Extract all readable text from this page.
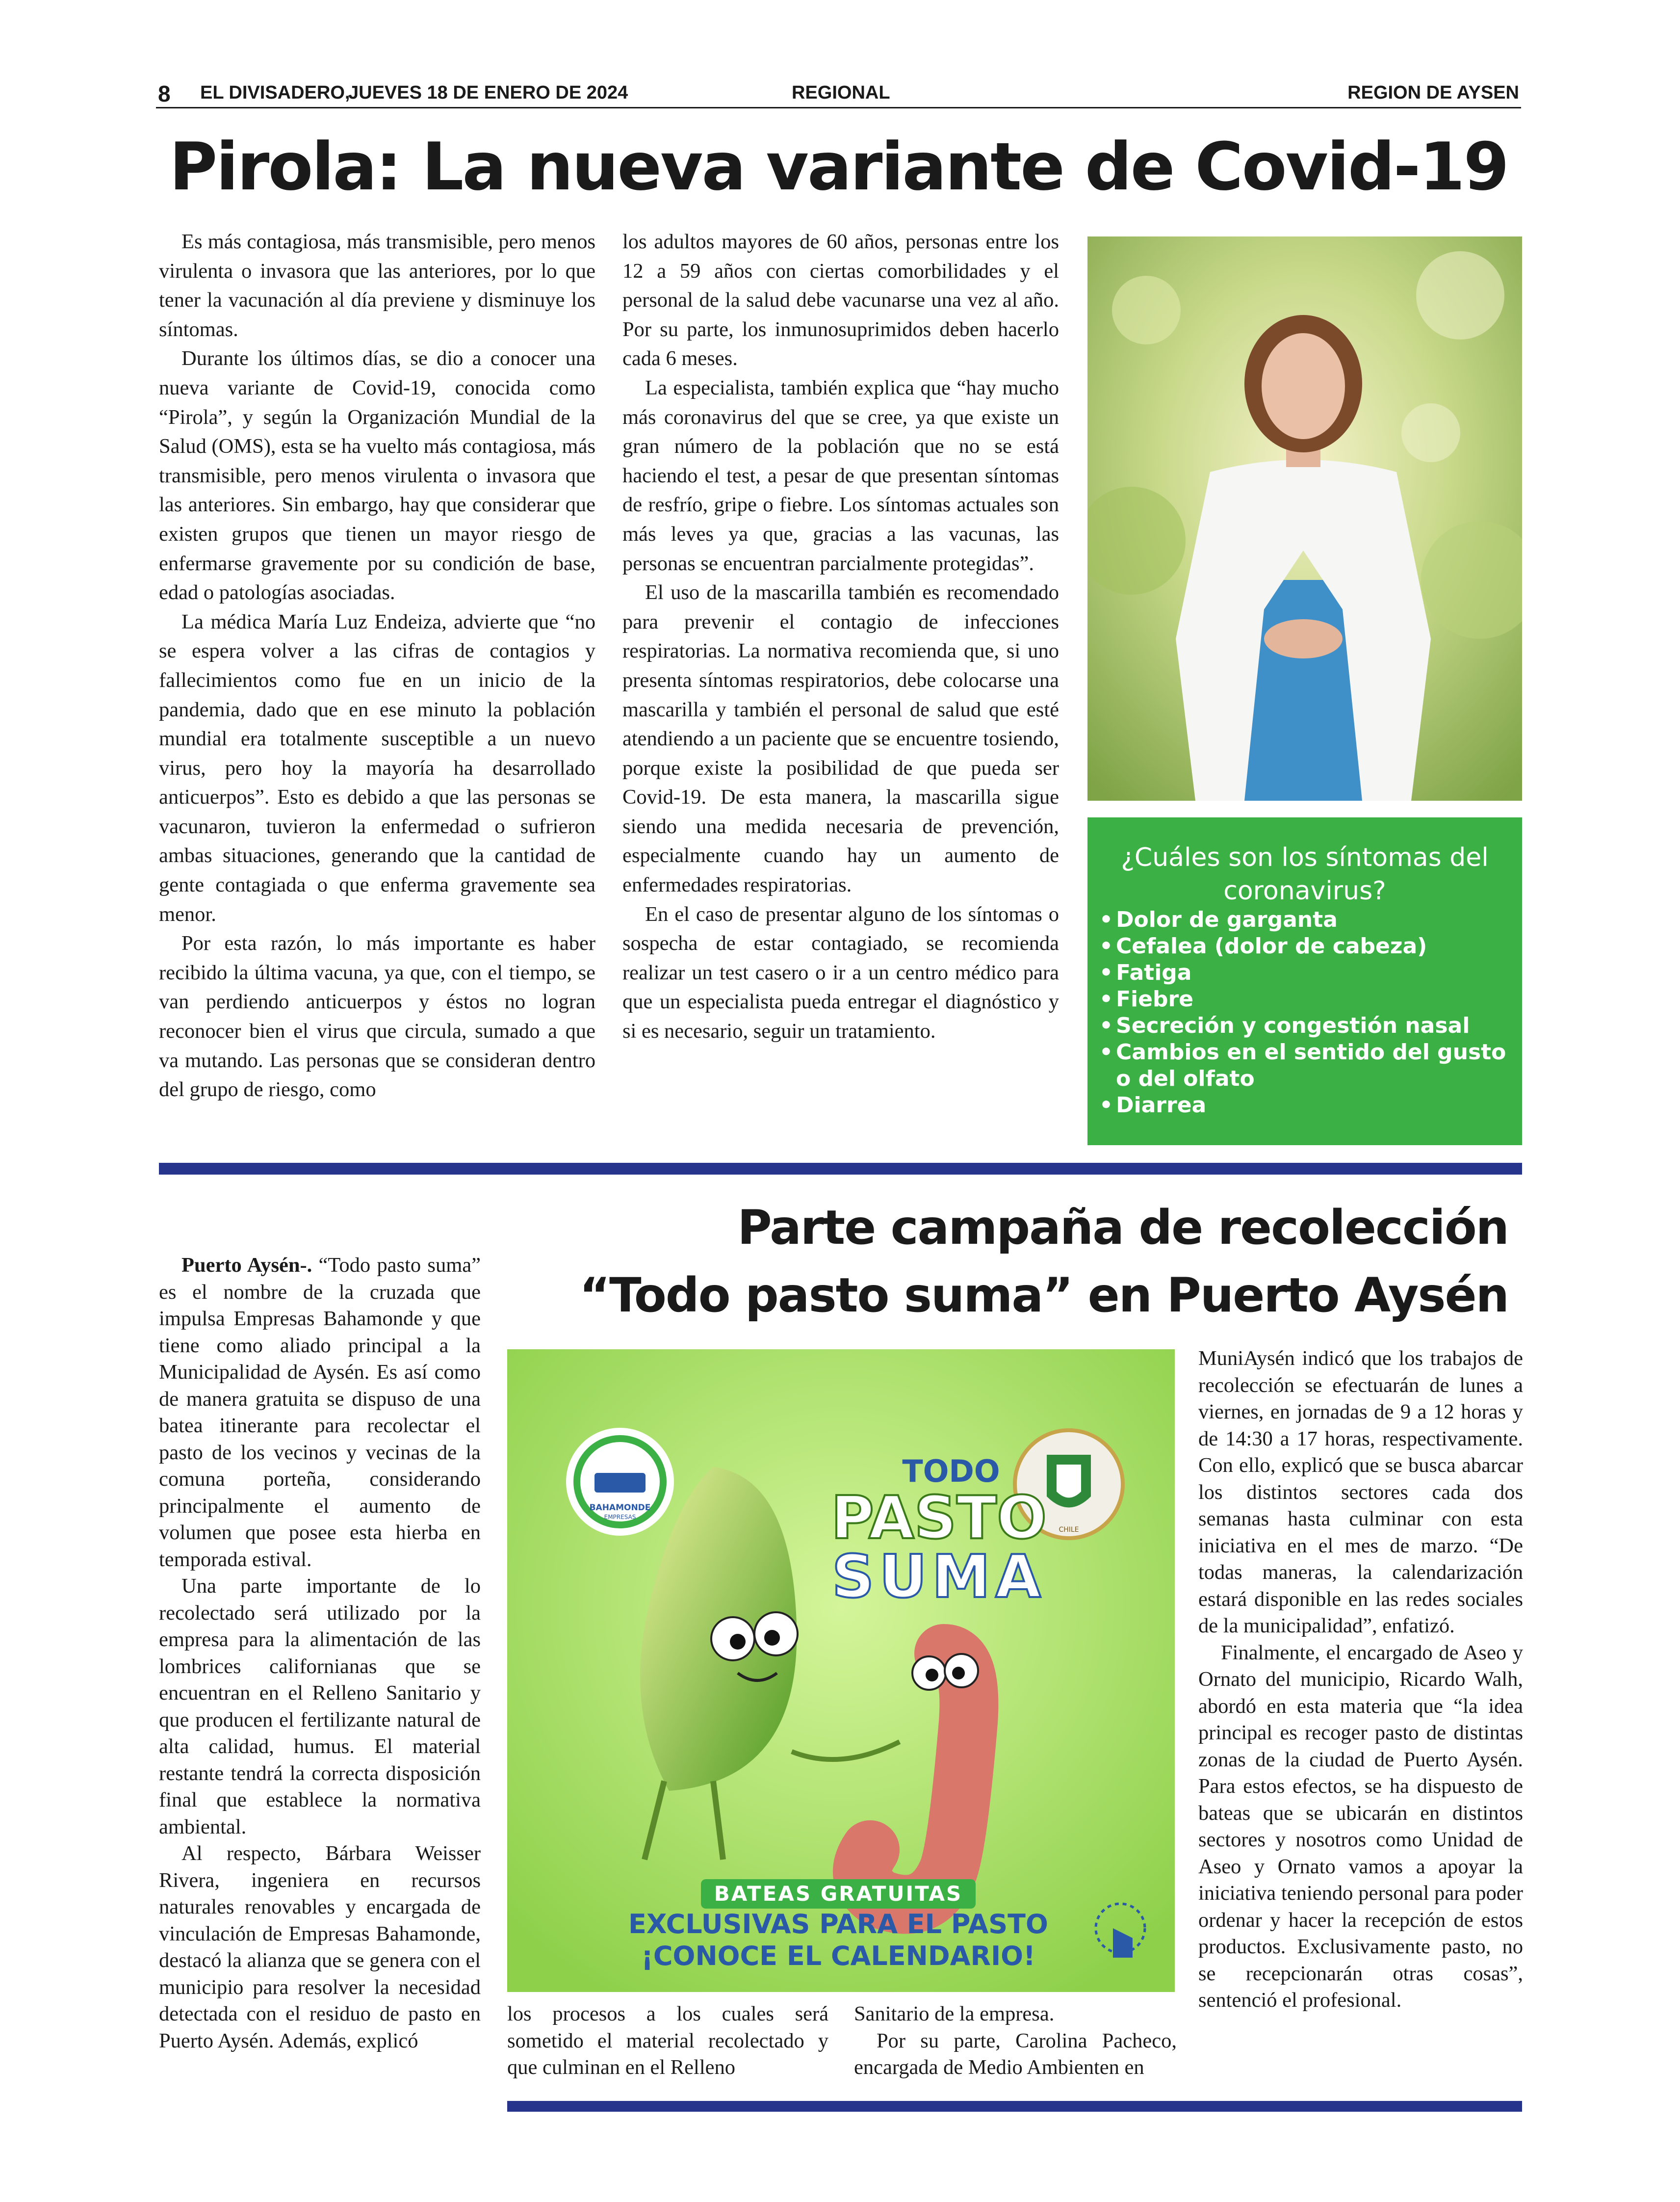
8 EL DIVISADERO,
JUEVES 18 DE ENERO DE 2024	REGIONAL	REGION DE AYSEN
Pirola: La nueva variante de Covid-19

Es más contagiosa, más transmisible, pero menos virulenta o invasora que las anteriores, por lo que tener la vacunación al día previene y disminuye los síntomas.

Durante los últimos días, se dio a conocer una nueva variante de Covid-19, conocida como “Pirola”, y según la Organización Mundial de la Salud (OMS), esta se ha vuelto más contagiosa, más transmisible, pero menos virulenta o invasora que las anteriores. Sin embargo, hay que considerar que existen grupos que tienen un mayor riesgo de enfermarse gravemente por su condición de base, edad o patologías asociadas.

La médica María Luz Endeiza, advierte que “no se espera volver a las cifras de contagios y fallecimientos como fue en un inicio de la pandemia, dado que en ese minuto la población mundial era totalmente susceptible a un nuevo virus, pero hoy la mayoría ha desarrollado anticuerpos”. Esto es debido a que las personas se vacunaron, tuvieron la enfermedad o sufrieron ambas situaciones, generando que la cantidad de gente contagiada o que enferma gravemente sea menor.

Por esta razón, lo más importante es haber recibido la última vacuna, ya que, con el tiempo, se van perdiendo anticuerpos y éstos no logran reconocer bien el virus que circula, sumado a que va mutando. Las personas que se consideran dentro del grupo de riesgo, como

los adultos mayores de 60 años, personas entre los 12 a 59 años con ciertas comorbilidades y el personal de la salud debe vacunarse una vez al año. Por su parte, los inmunosuprimidos deben hacerlo cada 6 meses.

La especialista, también explica que “hay mucho más coronavirus del que se cree, ya que existe un gran número de la población que no se está haciendo el test, a pesar de que presentan síntomas de resfrío, gripe o fiebre. Los síntomas actuales son más leves ya que, gracias a las vacunas, las personas se encuentran parcialmente protegidas”.

El uso de la mascarilla también es recomendado para prevenir el contagio de infecciones respiratorias. La normativa recomienda que, si uno presenta síntomas respiratorios, debe colocarse una mascarilla y también el personal de salud que esté atendiendo a un paciente que se encuentre tosiendo, porque existe la posibilidad de que pueda ser Covid-19. De esta manera, la mascarilla sigue siendo una medida necesaria de prevención, especialmente cuando hay un aumento de enfermedades respiratorias.

En el caso de presentar alguno de los síntomas o sospecha de estar contagiado, se recomienda realizar un test casero o ir a un centro médico para que un especialista pueda entregar el diagnóstico y si es necesario, seguir un tratamiento.

¿Cuáles son los síntomas del coronavirus?
• Dolor de garganta
• Cefalea (dolor de cabeza)
• Fatiga
• Fiebre
• Secreción y congestión nasal
• Cambios en el sentido del gusto o del olfato
• Diarrea
Parte campaña de recolección
“Todo pasto suma” en Puerto Aysén

Puerto Aysén-. “Todo pasto suma” es el nombre de la cruzada que impulsa Empresas Bahamonde y que tiene como aliado principal a la Municipalidad de Aysén. Es así como de manera gratuita se dispuso de una batea itinerante para recolectar el pasto de los vecinos y vecinas de la comuna porteña, considerando principalmente el aumento de volumen que posee esta hierba en temporada estival.

Una parte importante de lo recolectado será utilizado por la empresa para la alimentación de las lombrices californianas que se encuentran en el Relleno Sanitario y que producen el fertilizante natural de alta calidad, humus. El material restante tendrá la correcta disposición final que establece la normativa ambiental.

Al respecto, Bárbara Weisser Rivera, ingeniera en recursos naturales renovables y encargada de vinculación de Empresas Bahamonde, destacó la alianza que se genera con el municipio para resolver la necesidad detectada con el residuo de pasto en Puerto Aysén. Además, explicó

BAHAMONDE
EMPRESAS
CHILE
TODO
PASTO
SUMA
BATEAS GRATUITAS
EXCLUSIVAS PARA EL PASTO
¡CONOCE EL CALENDARIO!

los procesos a los cuales será sometido el material recolectado y que culminan en el Relleno

Sanitario de la empresa.

Por su parte, Carolina Pacheco, encargada de Medio Ambienten en

MuniAysén indicó que los trabajos de recolección se efectuarán de lunes a viernes, en jornadas de 9 a 12 horas y de 14:30 a 17 horas, respectivamente. Con ello, explicó que se busca abarcar los distintos sectores cada dos semanas hasta culminar con esta iniciativa en el mes de marzo. “De todas maneras, la calendarización estará disponible en las redes sociales de la municipalidad”, enfatizó.

Finalmente, el encargado de Aseo y Ornato del municipio, Ricardo Walh, abordó en esta materia que “la idea principal es recoger pasto de distintas zonas de la ciudad de Puerto Aysén. Para estos efectos, se ha dispuesto de bateas que se ubicarán en distintos sectores y nosotros como Unidad de Aseo y Ornato vamos a apoyar la iniciativa teniendo personal para poder ordenar y hacer la recepción de estos productos. Exclusivamente pasto, no se recepcionarán otras cosas”, sentenció el profesional.
